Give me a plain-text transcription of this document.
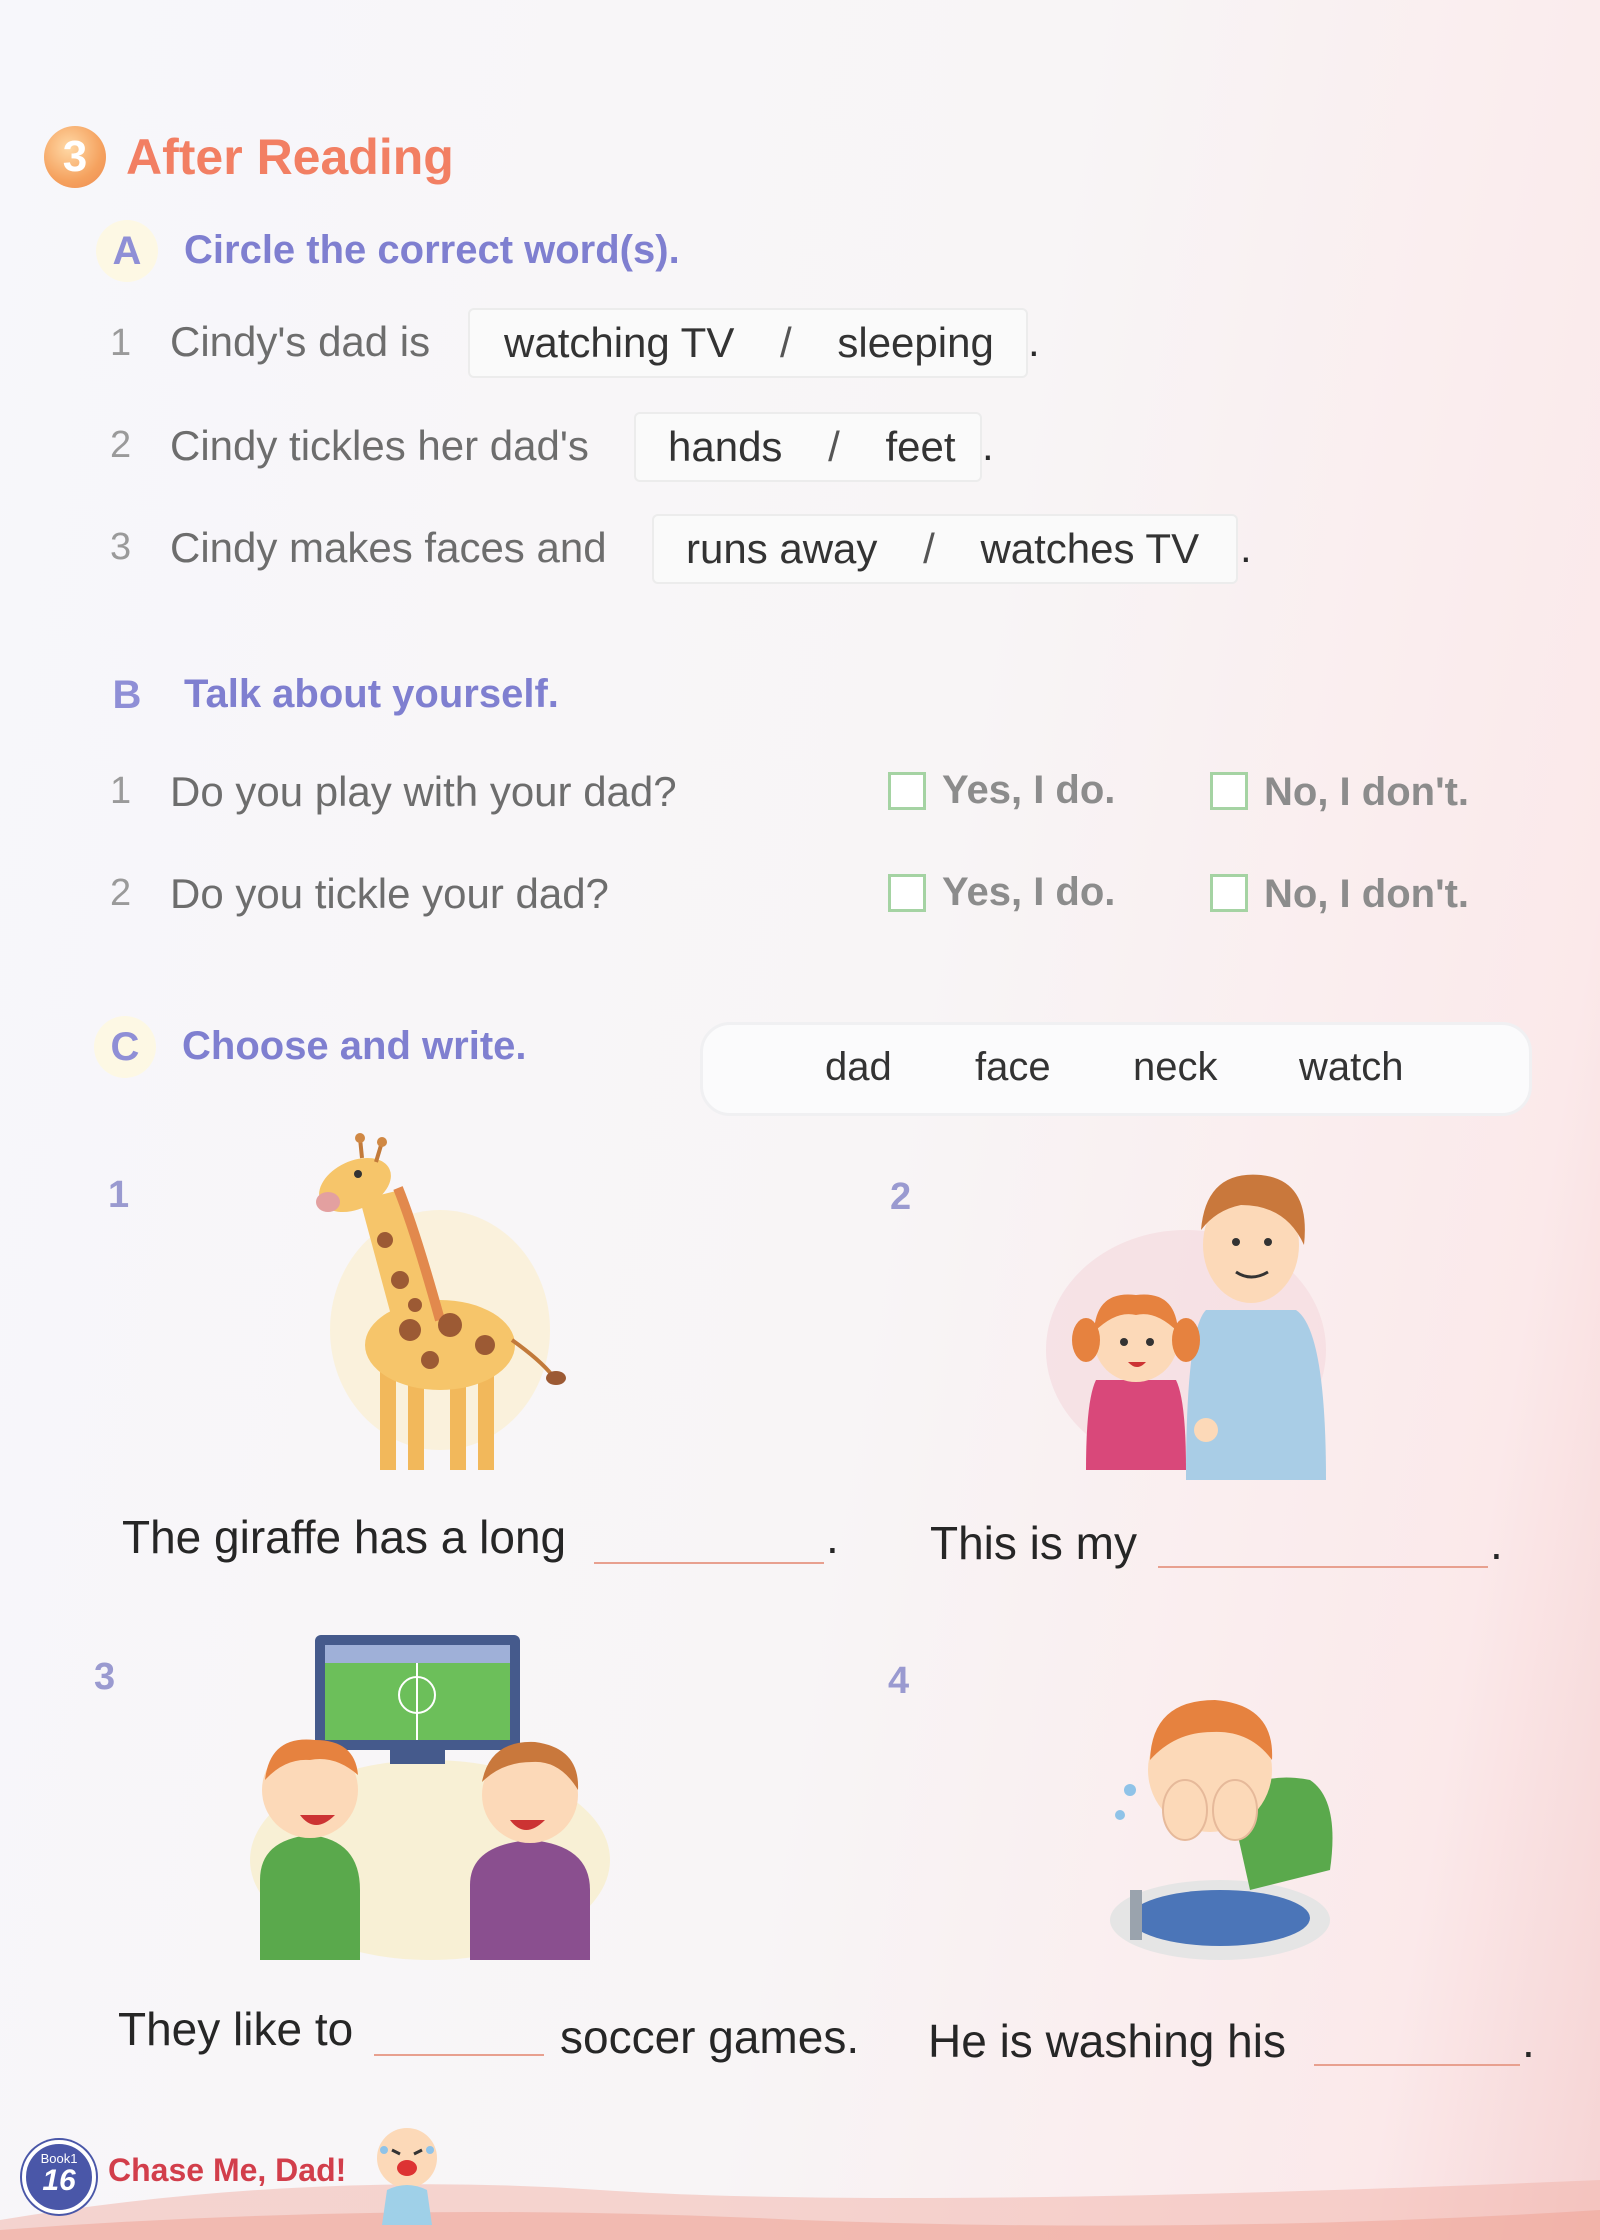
3 After Reading
A	Circle the correct word(s).
1 Cindy's dad is	watching TV / sleeping .
2 Cindy tickles her dad's	hands / feet .
3 Cindy makes faces and	runs away / watches TV .
B	Talk about yourself.
1 Do you play with your dad?	Yes, I do.	No, I don't.
2 Do you tickle your dad?	Yes, I do.	No, I don't.
C	Choose and write.	dad face neck watch
1
The giraffe has a long	.
2
This is my	.
3
They like to	soccer games.
4
He is washing his	.
Book1
16	Chase Me, Dad!
